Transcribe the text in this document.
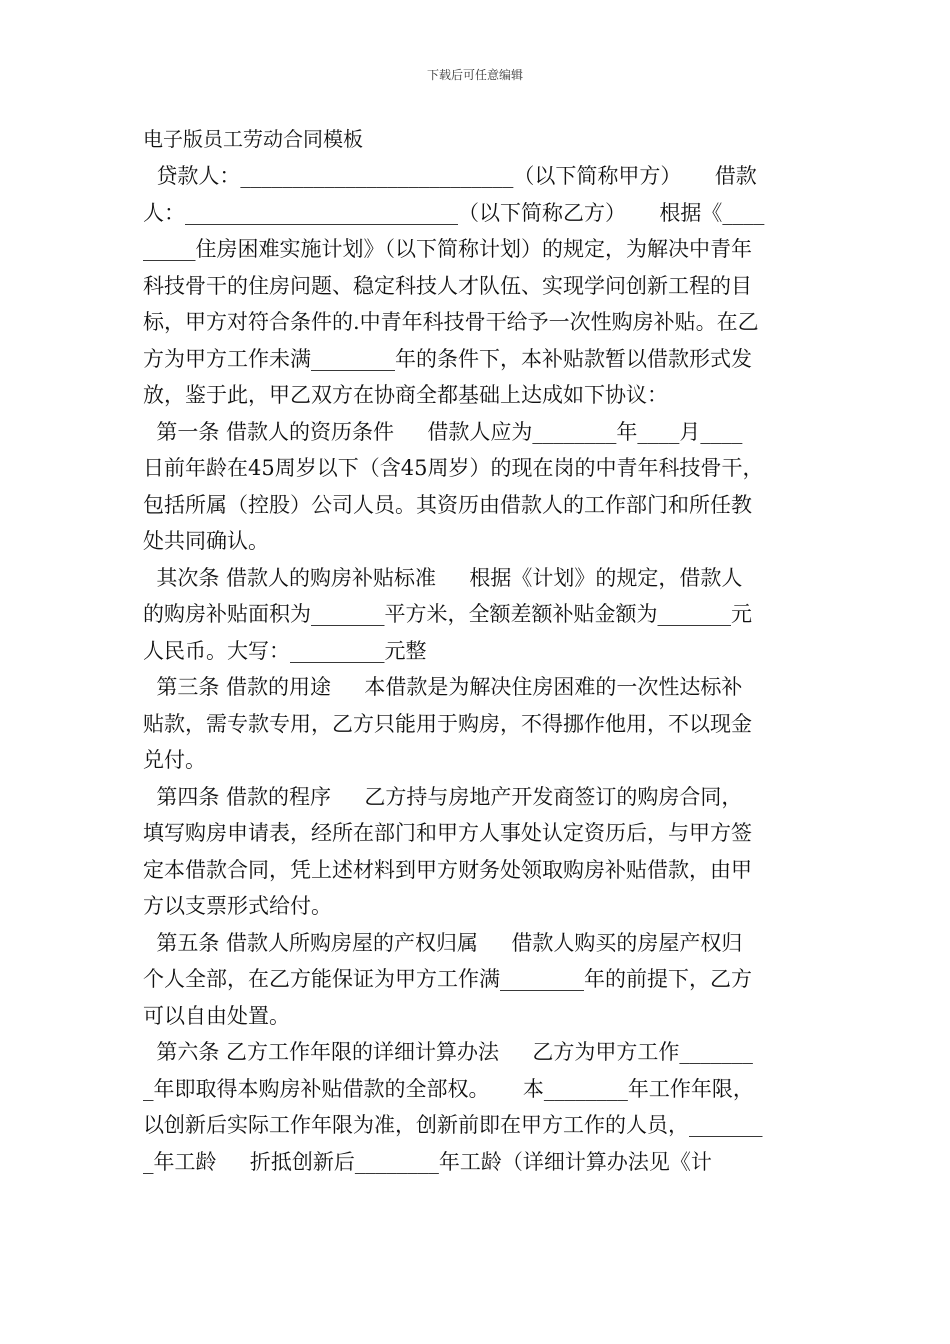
下载后可任意编辑
电子版员工劳动合同模板
贷款人：__________________________（以下简称甲方）     借款
人：__________________________（以下简称乙方）     根据《____
_____住房困难实施计划》（以下简称计划）的规定，为解决中青年
科技骨干的住房问题、稳定科技人才队伍、实现学问创新工程的目
标，甲方对符合条件的.中青年科技骨干给予一次性购房补贴。在乙
方为甲方工作未满________年的条件下，本补贴款暂以借款形式发
放，鉴于此，甲乙双方在协商全都基础上达成如下协议：
第一条 借款人的资历条件     借款人应为________年____月____
日前年龄在45周岁以下（含45周岁）的现在岗的中青年科技骨干，
包括所属（控股）公司人员。其资历由借款人的工作部门和所任教
处共同确认。
其次条 借款人的购房补贴标准     根据《计划》的规定，借款人
的购房补贴面积为_______平方米，全额差额补贴金额为_______元
人民币。大写：_________元整
第三条 借款的用途     本借款是为解决住房困难的一次性达标补
贴款，需专款专用，乙方只能用于购房，不得挪作他用，不以现金
兑付。
第四条 借款的程序     乙方持与房地产开发商签订的购房合同，
填写购房申请表，经所在部门和甲方人事处认定资历后，与甲方签
定本借款合同，凭上述材料到甲方财务处领取购房补贴借款，由甲
方以支票形式给付。
第五条 借款人所购房屋的产权归属     借款人购买的房屋产权归
个人全部，在乙方能保证为甲方工作满________年的前提下，乙方
可以自由处置。
第六条 乙方工作年限的详细计算办法     乙方为甲方工作_______
_年即取得本购房补贴借款的全部权。     本________年工作年限，
以创新后实际工作年限为准，创新前即在甲方工作的人员，_______
_年工龄     折抵创新后________年工龄（详细计算办法见《计
